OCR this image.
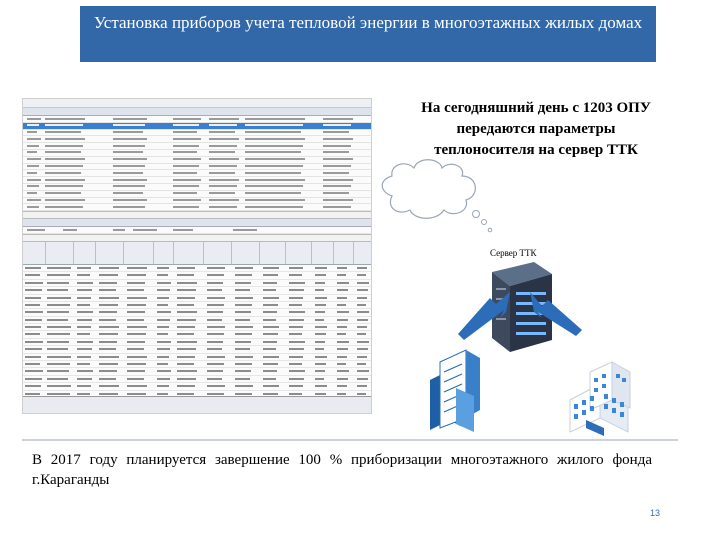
Установка приборов учета тепловой энергии в многоэтажных жилых домах
На сегодняшний день с 1203 ОПУ передаются параметры теплоносителя на сервер ТТК
Сервер ТТК
В 2017 году планируется завершение 100 % приборизации многоэтажного жилого фонда г.Караганды
13
